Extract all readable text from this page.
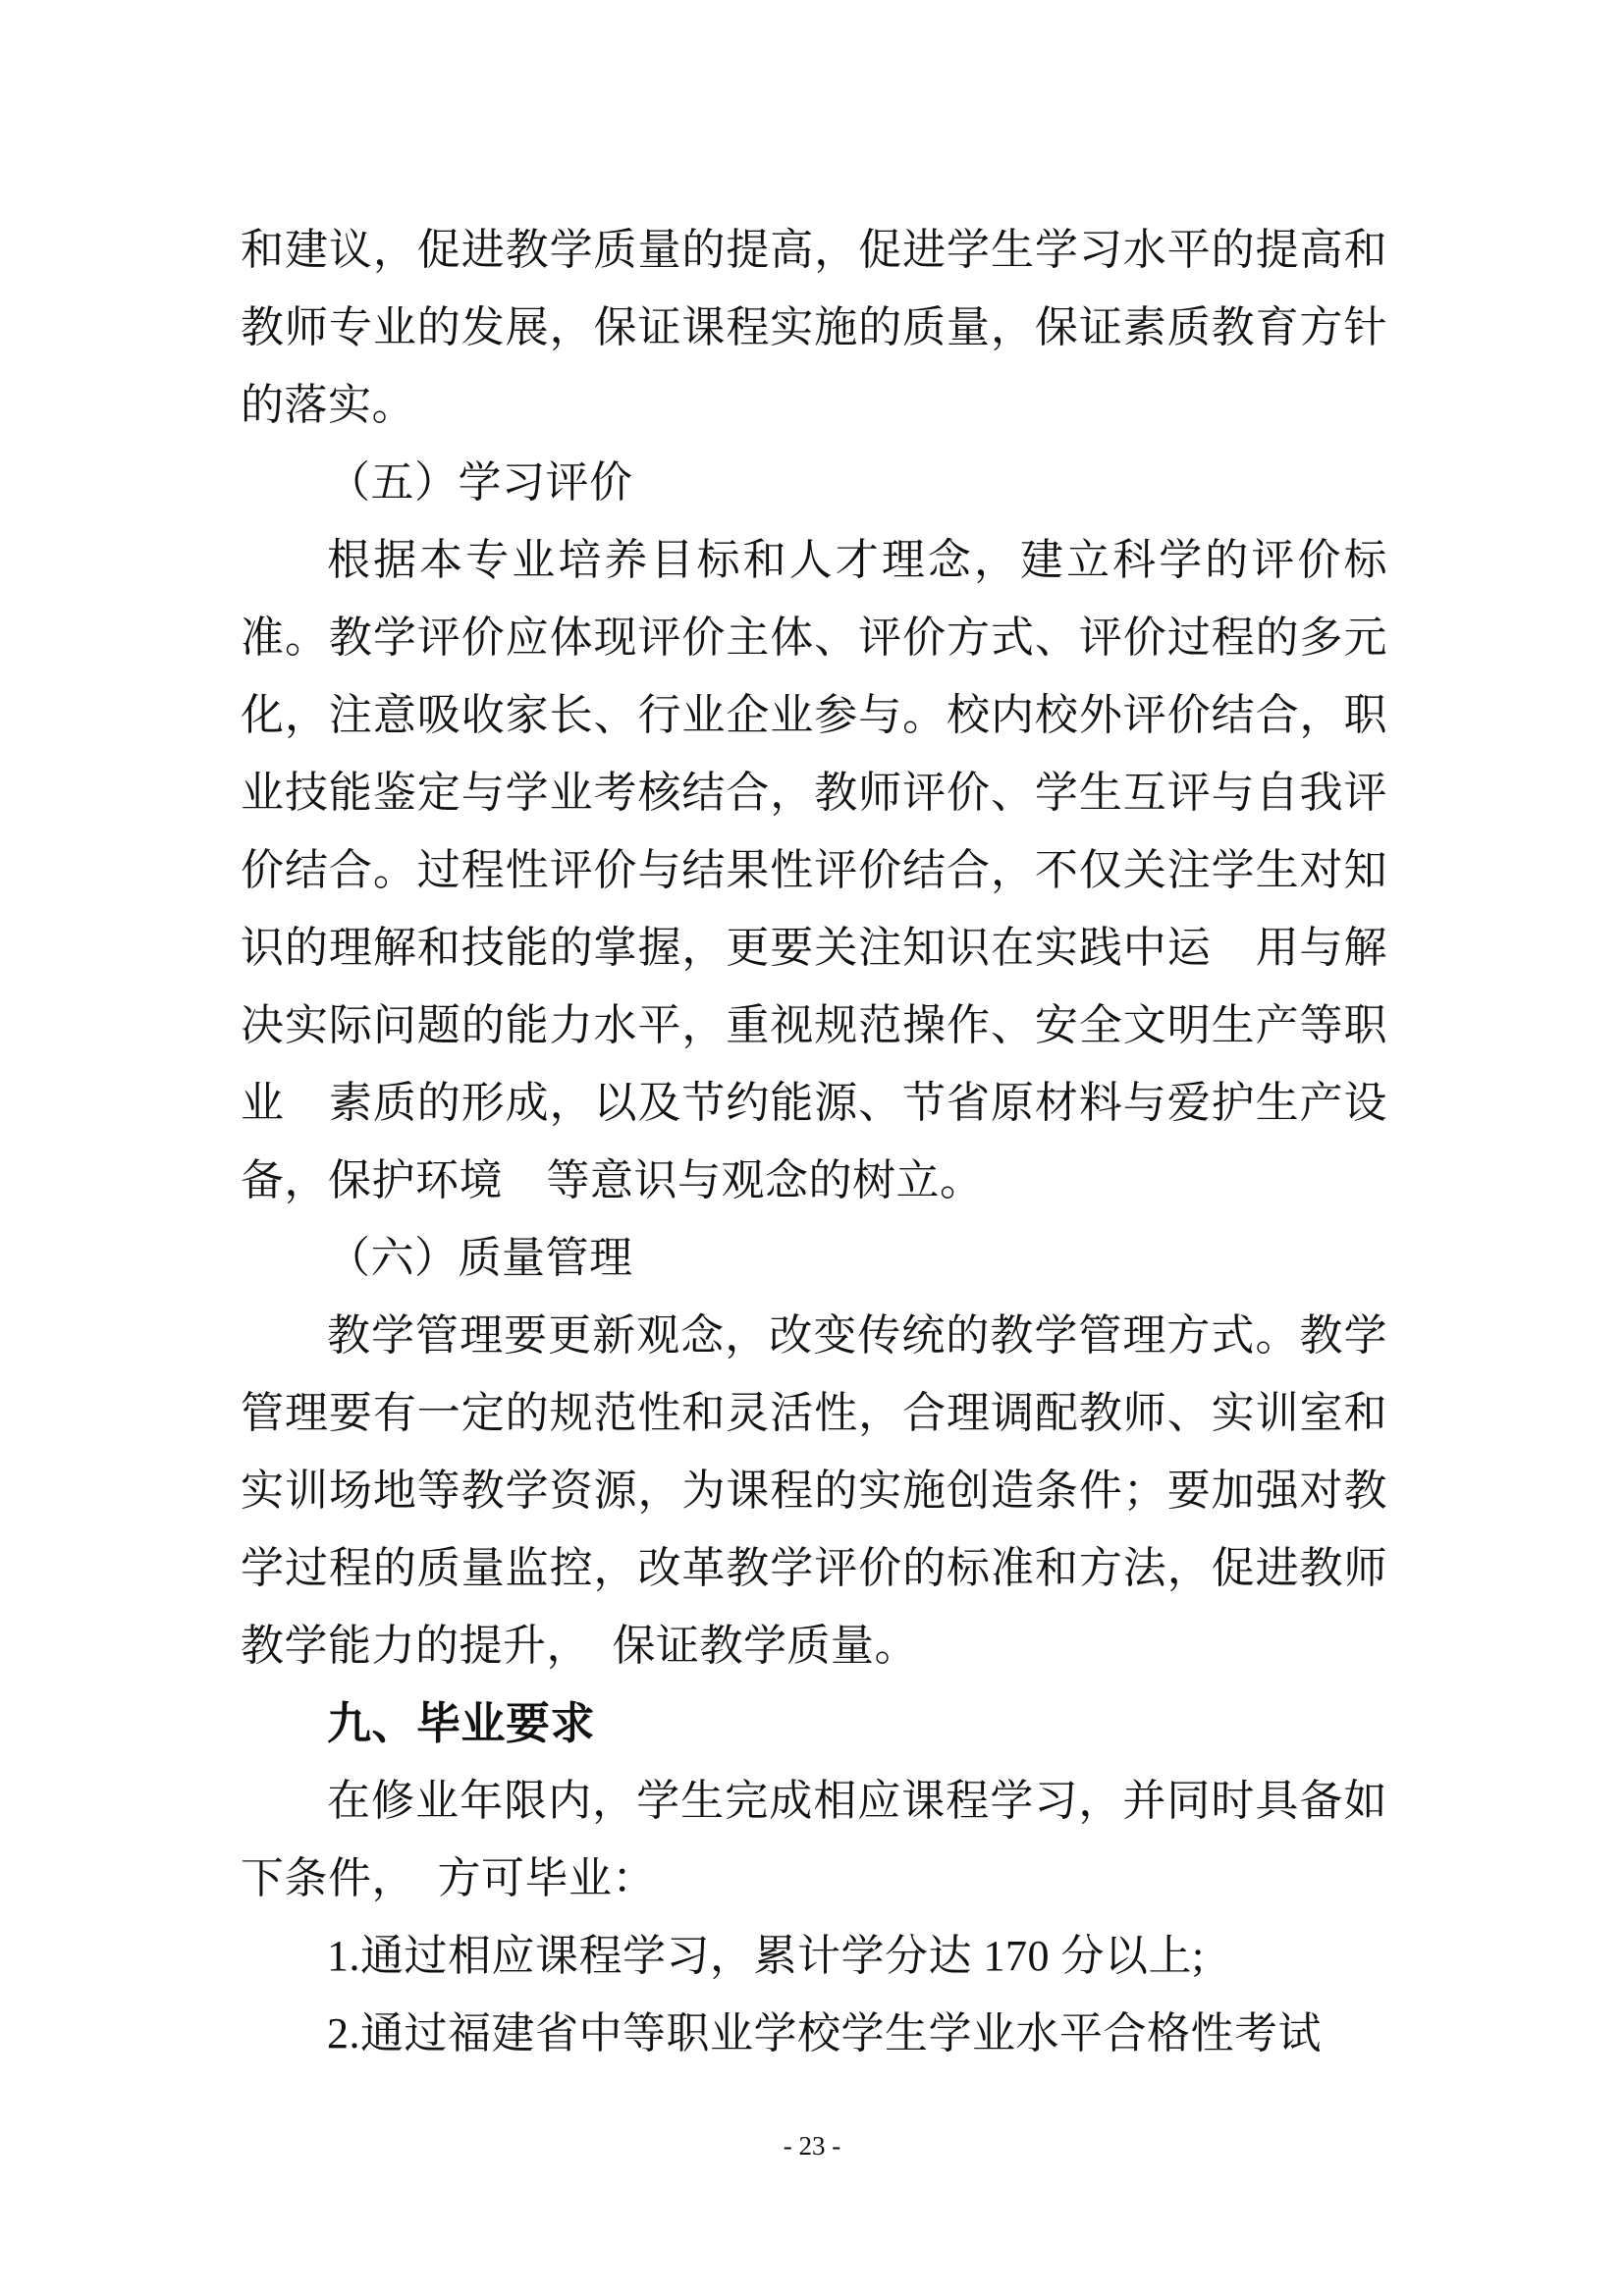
和建议，促进教学质量的提高，促进学生学习水平的提高和
教师专业的发展，保证课程实施的质量，保证素质教育方针
的落实。
（五）学习评价
根据本专业培养目标和人才理念，建立科学的评价标
准。教学评价应体现评价主体、评价方式、评价过程的多元
化，注意吸收家长、行业企业参与。校内校外评价结合，职
业技能鉴定与学业考核结合，教师评价、学生互评与自我评
价结合。过程性评价与结果性评价结合，不仅关注学生对知
识的理解和技能的掌握，更要关注知识在实践中运　用与解
决实际问题的能力水平，重视规范操作、安全文明生产等职
业　素质的形成，以及节约能源、节省原材料与爱护生产设
备，保护环境　等意识与观念的树立。
（六）质量管理
教学管理要更新观念，改变传统的教学管理方式。教学
管理要有一定的规范性和灵活性，合理调配教师、实训室和
实训场地等教学资源，为课程的实施创造条件；要加强对教
学过程的质量监控，改革教学评价的标准和方法，促进教师
教学能力的提升，　保证教学质量。
九、毕业要求
在修业年限内，学生完成相应课程学习，并同时具备如
下条件，　方可毕业：
1.通过相应课程学习，累计学分达 170 分以上;
2.通过福建省中等职业学校学生学业水平合格性考试
- 23 -
